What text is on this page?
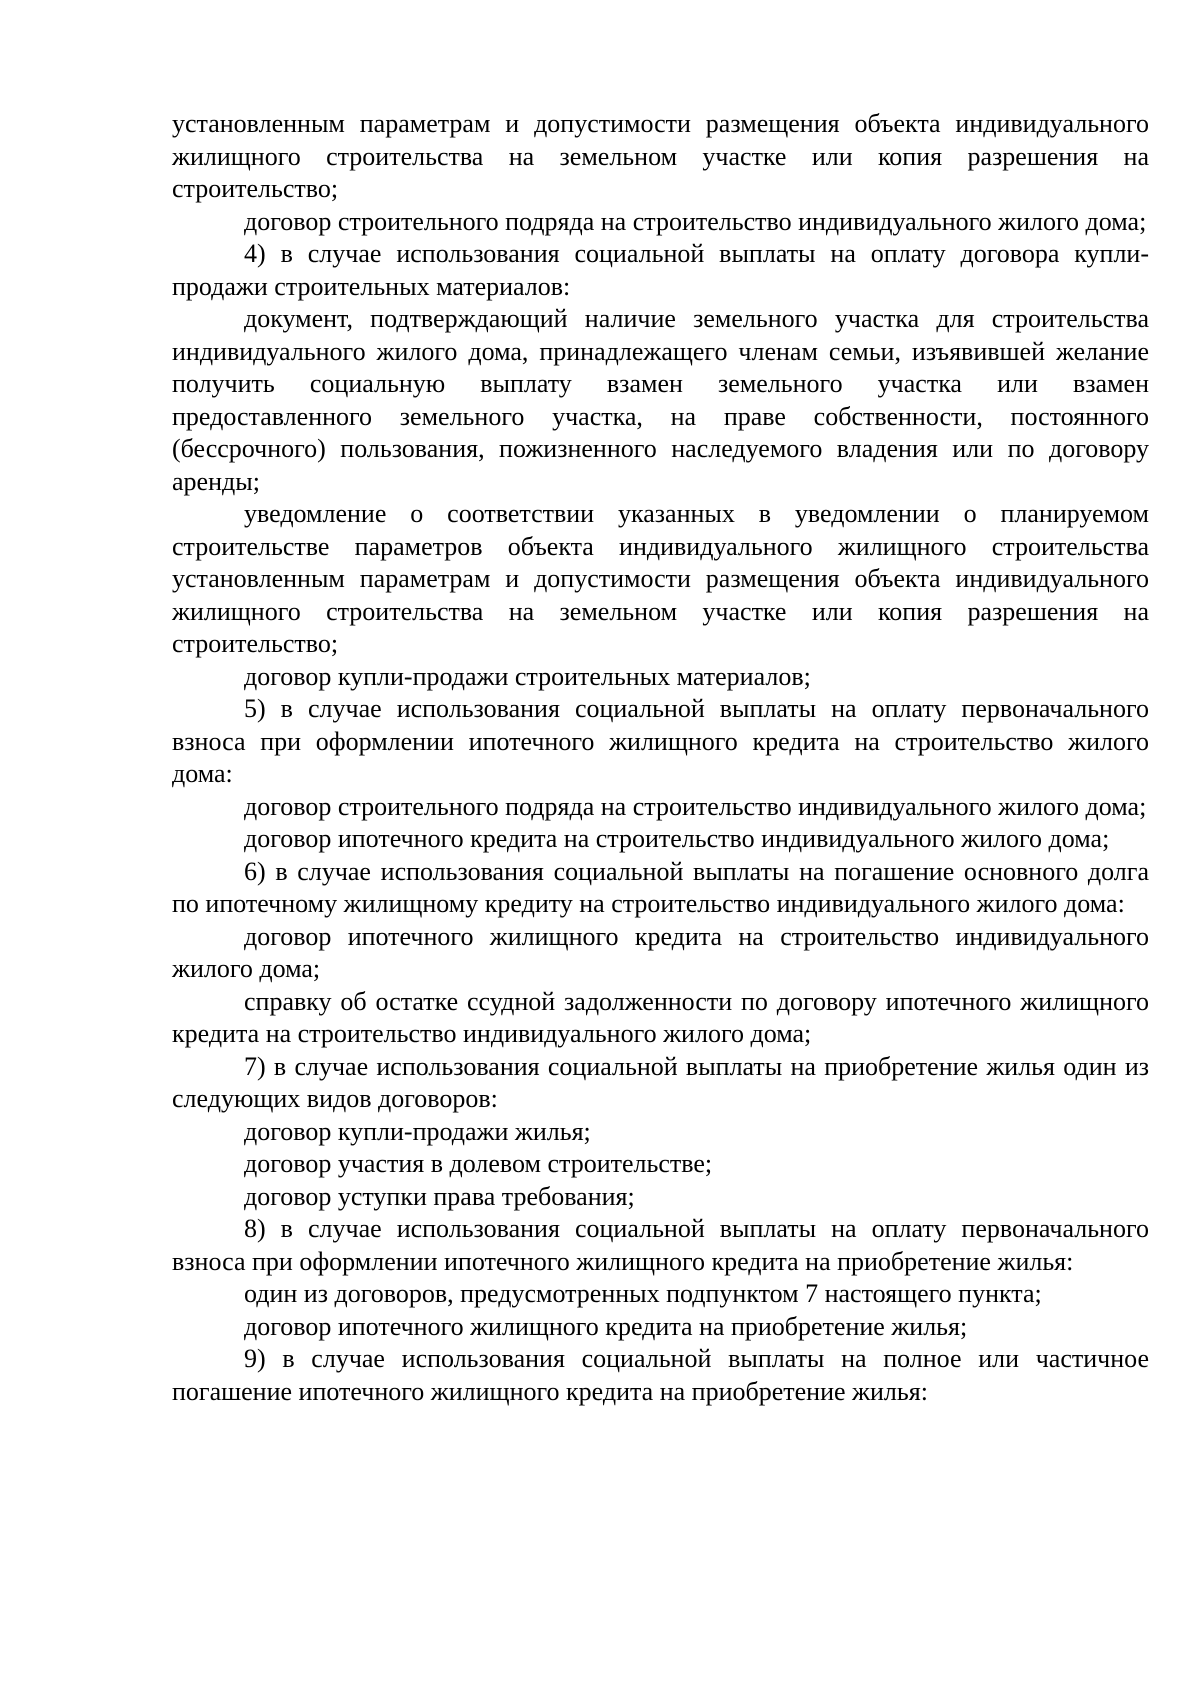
установленным параметрам и допустимости размещения объекта индивидуального жилищного строительства на земельном участке или копия разрешения на строительство;

договор строительного подряда на строительство индивидуального жилого дома;

4) в случае использования социальной выплаты на оплату договора купли-продажи строительных материалов:

документ, подтверждающий наличие земельного участка для строительства индивидуального жилого дома, принадлежащего членам семьи, изъявившей желание получить социальную выплату взамен земельного участка или взамен предоставленного земельного участка, на праве собственности, постоянного (бессрочного) пользования, пожизненного наследуемого владения или по договору аренды;

уведомление о соответствии указанных в уведомлении о планируемом строительстве параметров объекта индивидуального жилищного строительства установленным параметрам и допустимости размещения объекта индивидуального жилищного строительства на земельном участке или копия разрешения на строительство;

договор купли-продажи строительных материалов;

5) в случае использования социальной выплаты на оплату первоначального взноса при оформлении ипотечного жилищного кредита на строительство жилого дома:

договор строительного подряда на строительство индивидуального жилого дома;

договор ипотечного кредита на строительство индивидуального жилого дома;

6) в случае использования социальной выплаты на погашение основного долга по ипотечному жилищному кредиту на строительство индивидуального жилого дома:

договор ипотечного жилищного кредита на строительство индивидуального жилого дома;

справку об остатке ссудной задолженности по договору ипотечного жилищного кредита на строительство индивидуального жилого дома;

7) в случае использования социальной выплаты на приобретение жилья один из следующих видов договоров:

договор купли-продажи жилья;

договор участия в долевом строительстве;

договор уступки права требования;

8) в случае использования социальной выплаты на оплату первоначального взноса при оформлении ипотечного жилищного кредита на приобретение жилья:

один из договоров, предусмотренных подпунктом 7 настоящего пункта;

договор ипотечного жилищного кредита на приобретение жилья;

9) в случае использования социальной выплаты на полное или частичное погашение ипотечного жилищного кредита на приобретение жилья:
